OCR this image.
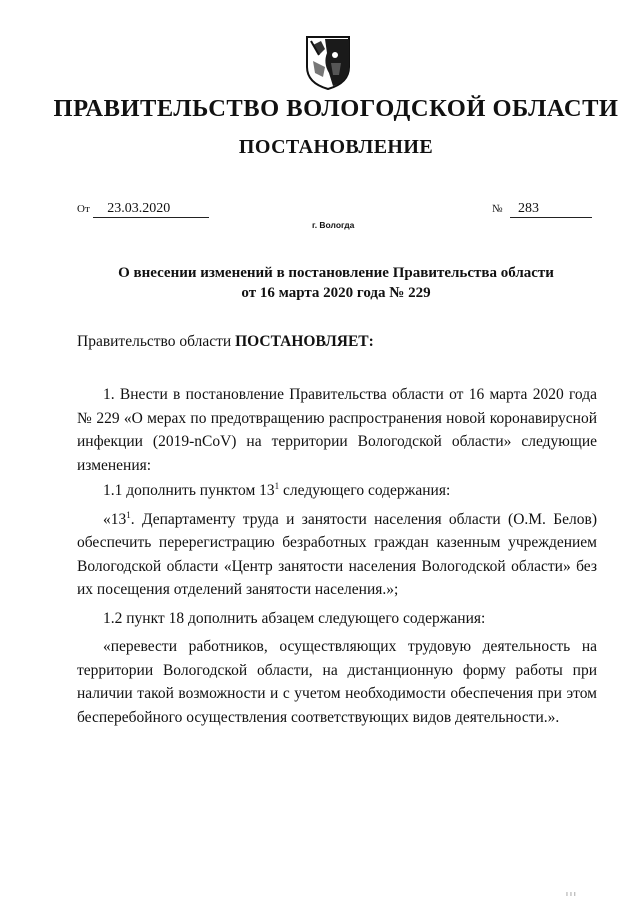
ПРАВИТЕЛЬСТВО ВОЛОГОДСКОЙ ОБЛАСТИ
ПОСТАНОВЛЕНИЕ
От 23.03.2020	№ 283
г. Вологда
О внесении изменений в постановление Правительства области
от 16 марта 2020 года № 229
Правительство области ПОСТАНОВЛЯЕТ:

1. Внести в постановление Правительства области от 16 марта 2020 года № 229 «О мерах по предотвращению распространения новой коронавирусной инфекции (2019-nCoV) на территории Вологодской области» следующие изменения:

1.1 дополнить пунктом $13^1$ следующего содержания:

«$13^1$. Департаменту труда и занятости населения области (О.М. Белов) обеспечить перерегистрацию безработных граждан казенным учреждением Вологодской области «Центр занятости населения Вологодской области» без их посещения отделений занятости населения.»;

1.2 пункт 18 дополнить абзацем следующего содержания:

«перевести работников, осуществляющих трудовую деятельность на территории Вологодской области, на дистанционную форму работы при наличии такой возможности и с учетом необходимости обеспечения при этом бесперебойного осуществления соответствующих видов деятельности.».

ııı
